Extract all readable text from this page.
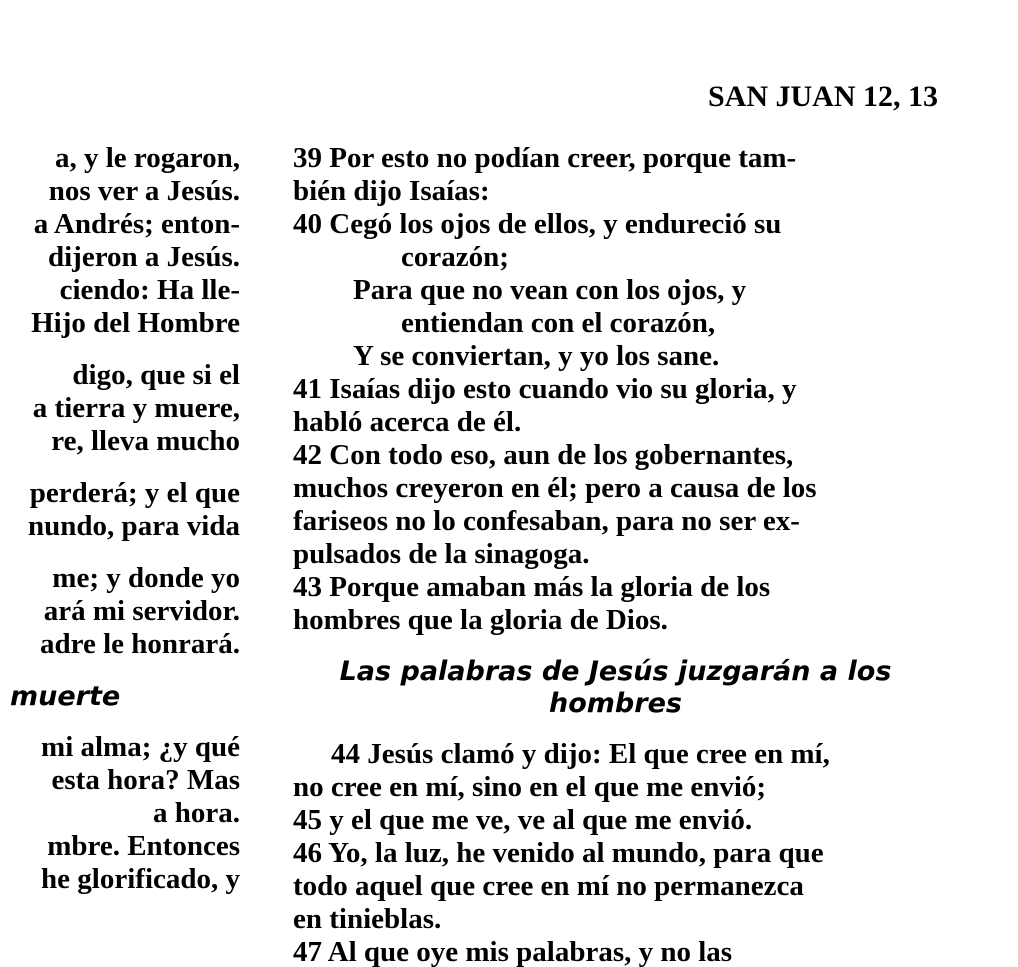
SAN JUAN 12, 13
a, y le rogaron,
nos ver a Jesús.
a Andrés; enton-
dijeron a Jesús.
ciendo: Ha lle-
Hijo del Hombre
digo, que si el
a tierra y muere,
re, lleva mucho
perderá; y el que
nundo, para vida
me; y donde yo
ará mi servidor.
adre le honrará.
muerte
mi alma; ¿y qué
esta hora? Mas
a hora.
mbre. Entonces
he glorificado, y
39 Por esto no podían creer, porque tam-
bién dijo Isaías:
40 Cegó los ojos de ellos, y endureció su
corazón;
Para que no vean con los ojos, y
entiendan con el corazón,
Y se conviertan, y yo los sane.
41 Isaías dijo esto cuando vio su gloria, y
habló acerca de él.
42 Con todo eso, aun de los gobernantes,
muchos creyeron en él; pero a causa de los
fariseos no lo confesaban, para no ser ex-
pulsados de la sinagoga.
43 Porque amaban más la gloria de los
hombres que la gloria de Dios.
Las palabras de Jesús juzgarán a los
hombres
44 Jesús clamó y dijo: El que cree en mí,
no cree en mí, sino en el que me envió;
45 y el que me ve, ve al que me envió.
46 Yo, la luz, he venido al mundo, para que
todo aquel que cree en mí no permanezca
en tinieblas.
47 Al que oye mis palabras, y no las
